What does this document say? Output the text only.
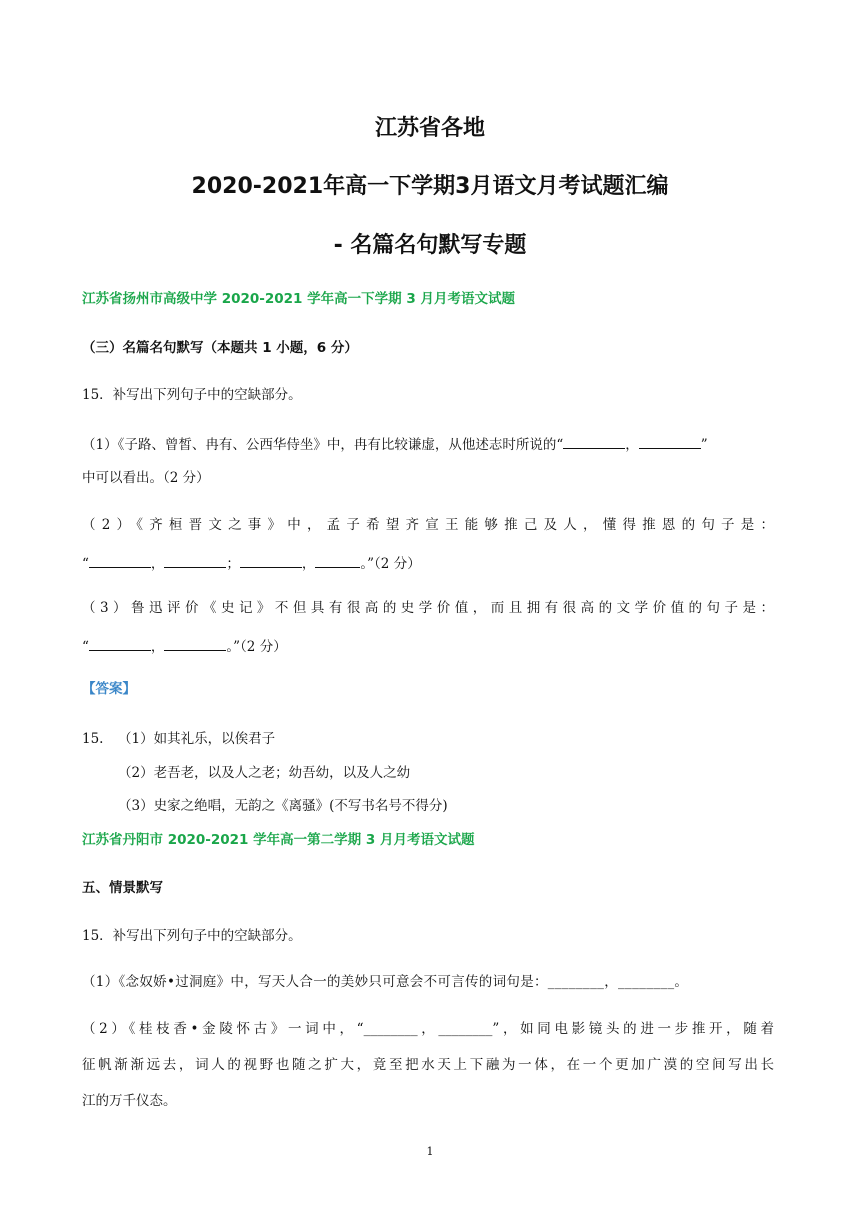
江苏省各地
2020-2021年高一下学期3月语文月考试题汇编
- 名篇名句默写专题
江苏省扬州市高级中学 2020-2021 学年高一下学期 3 月月考语文试题
（三）名篇名句默写（本题共 1 小题，6 分）
15．补写出下列句子中的空缺部分。
（1）《子路、曾皙、冉有、公西华侍坐》中，冉有比较谦虚，从他述志时所说的“	，	”
中可以看出。（2 分）
（2）《齐桓晋文之事》中，孟子希望齐宣王能够推己及人，懂得推恩的句子是：
“	，	；	，	。”（2 分）
（3）鲁迅评价《史记》不但具有很高的史学价值，而且拥有很高的文学价值的句子是：
“	，	。”（2 分）
【答案】
15. （1）如其礼乐，以俟君子
（2）老吾老，以及人之老；幼吾幼，以及人之幼
（3）史家之绝唱，无韵之《离骚》(不写书名号不得分)
江苏省丹阳市 2020-2021 学年高一第二学期 3 月月考语文试题
五、情景默写
15．补写出下列句子中的空缺部分。
（1）《念奴娇•过洞庭》中，写天人合一的美妙只可意会不可言传的词句是：________，________。
（2）《桂枝香•金陵怀古》一词中，“________，________”，如同电影镜头的进一步推开，随着
征帆渐渐远去，词人的视野也随之扩大，竟至把水天上下融为一体，在一个更加广漠的空间写出长
江的万千仪态。
1
